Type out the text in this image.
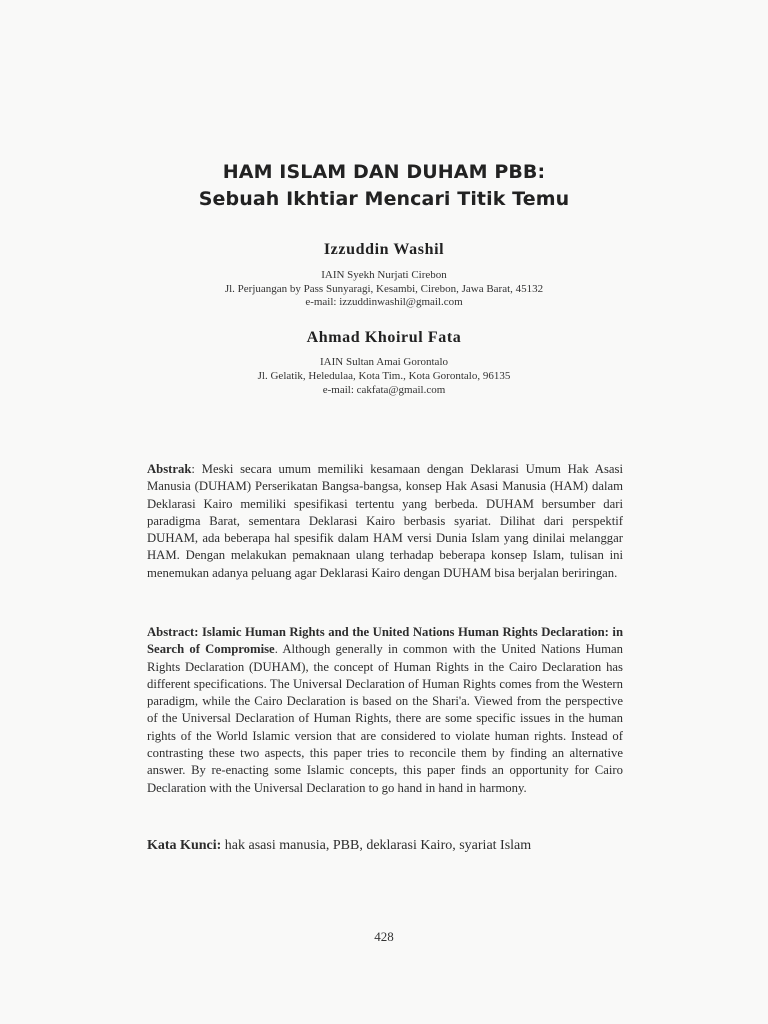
HAM ISLAM DAN DUHAM PBB:
Sebuah Ikhtiar Mencari Titik Temu
Izzuddin Washil
IAIN Syekh Nurjati Cirebon
Jl. Perjuangan by Pass Sunyaragi, Kesambi, Cirebon, Jawa Barat, 45132
e-mail: izzuddinwashil@gmail.com
Ahmad Khoirul Fata
IAIN Sultan Amai Gorontalo
Jl. Gelatik, Heledulaa, Kota Tim., Kota Gorontalo, 96135
e-mail: cakfata@gmail.com
Abstrak: Meski secara umum memiliki kesamaan dengan Deklarasi Umum Hak Asasi Manusia (DUHAM) Perserikatan Bangsa-bangsa, konsep Hak Asasi Manusia (HAM) dalam Deklarasi Kairo memiliki spesifikasi tertentu yang berbeda. DUHAM bersumber dari paradigma Barat, sementara Deklarasi Kairo berbasis syariat. Dilihat dari perspektif DUHAM, ada beberapa hal spesifik dalam HAM versi Dunia Islam yang dinilai melanggar HAM. Dengan melakukan pemaknaan ulang terhadap beberapa konsep Islam, tulisan ini menemukan adanya peluang agar Deklarasi Kairo dengan DUHAM bisa berjalan beriringan.
Abstract: Islamic Human Rights and the United Nations Human Rights Declaration: in Search of Compromise. Although generally in common with the United Nations Human Rights Declaration (DUHAM), the concept of Human Rights in the Cairo Declaration has different specifications. The Universal Declaration of Human Rights comes from the Western paradigm, while the Cairo Declaration is based on the Shari'a. Viewed from the perspective of the Universal Declaration of Human Rights, there are some specific issues in the human rights of the World Islamic version that are considered to violate human rights. Instead of contrasting these two aspects, this paper tries to reconcile them by finding an alternative answer. By re-enacting some Islamic concepts, this paper finds an opportunity for Cairo Declaration with the Universal Declaration to go hand in hand in harmony.
Kata Kunci: hak asasi manusia, PBB, deklarasi Kairo, syariat Islam
428
